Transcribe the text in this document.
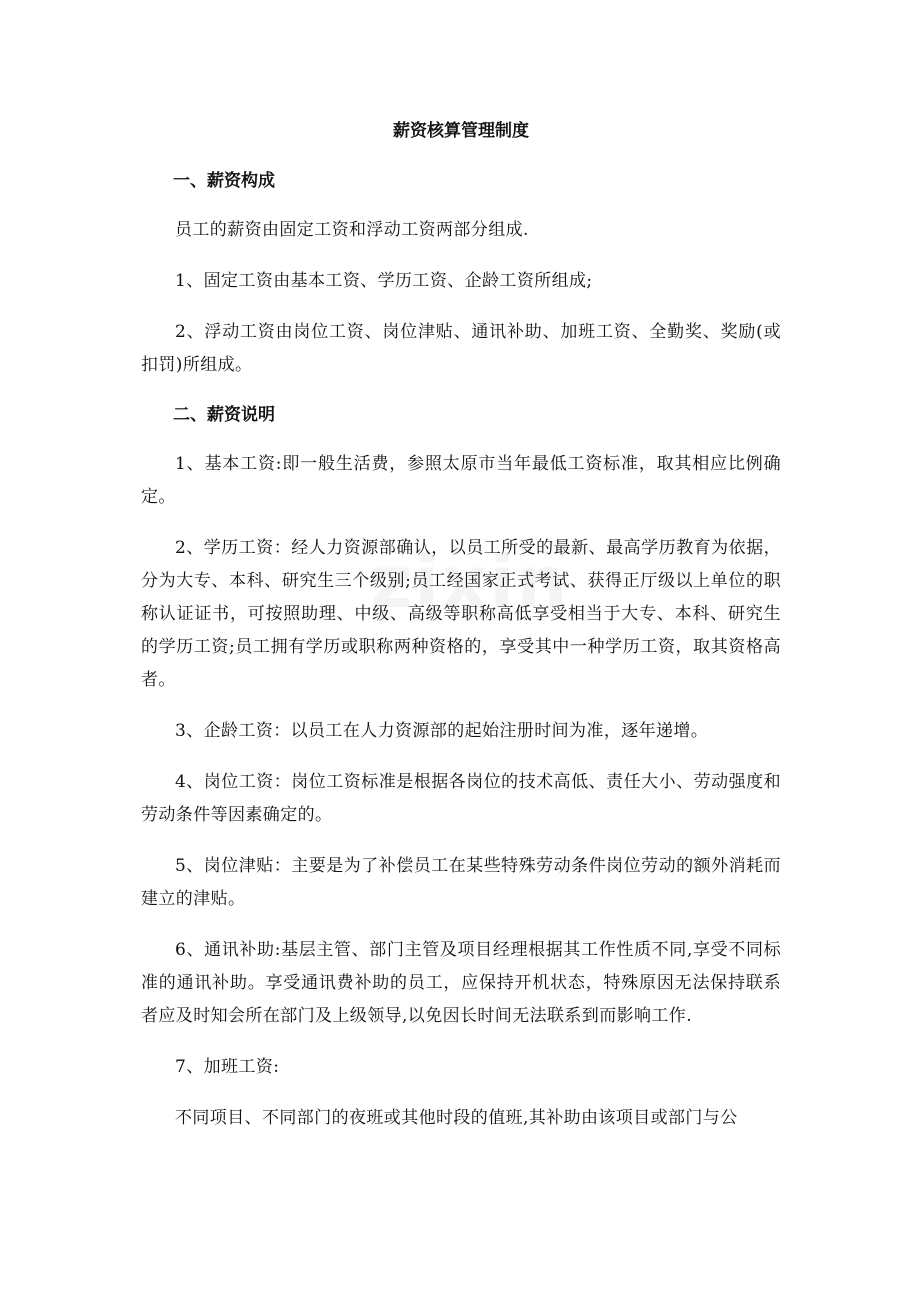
薪资核算管理制度
一、薪资构成
员工的薪资由固定工资和浮动工资两部分组成.
1、固定工资由基本工资、学历工资、企龄工资所组成;
2、浮动工资由岗位工资、岗位津贴、通讯补助、加班工资、全勤奖、奖励(或扣罚)所组成。
二、薪资说明
1、基本工资:即一般生活费，参照太原市当年最低工资标准，取其相应比例确定。
2、学历工资：经人力资源部确认，以员工所受的最新、最高学历教育为依据，分为大专、本科、研究生三个级别;员工经国家正式考试、获得正厅级以上单位的职称认证证书，可按照助理、中级、高级等职称高低享受相当于大专、本科、研究生的学历工资;员工拥有学历或职称两种资格的，享受其中一种学历工资，取其资格高者。
3、企龄工资：以员工在人力资源部的起始注册时间为准，逐年递增。
4、岗位工资：岗位工资标准是根据各岗位的技术高低、责任大小、劳动强度和劳动条件等因素确定的。
5、岗位津贴：主要是为了补偿员工在某些特殊劳动条件岗位劳动的额外消耗而建立的津贴。
6、通讯补助:基层主管、部门主管及项目经理根据其工作性质不同,享受不同标准的通讯补助。享受通讯费补助的员工，应保持开机状态，特殊原因无法保持联系者应及时知会所在部门及上级领导,以免因长时间无法联系到而影响工作.
7、加班工资:
不同项目、不同部门的夜班或其他时段的值班,其补助由该项目或部门与公
